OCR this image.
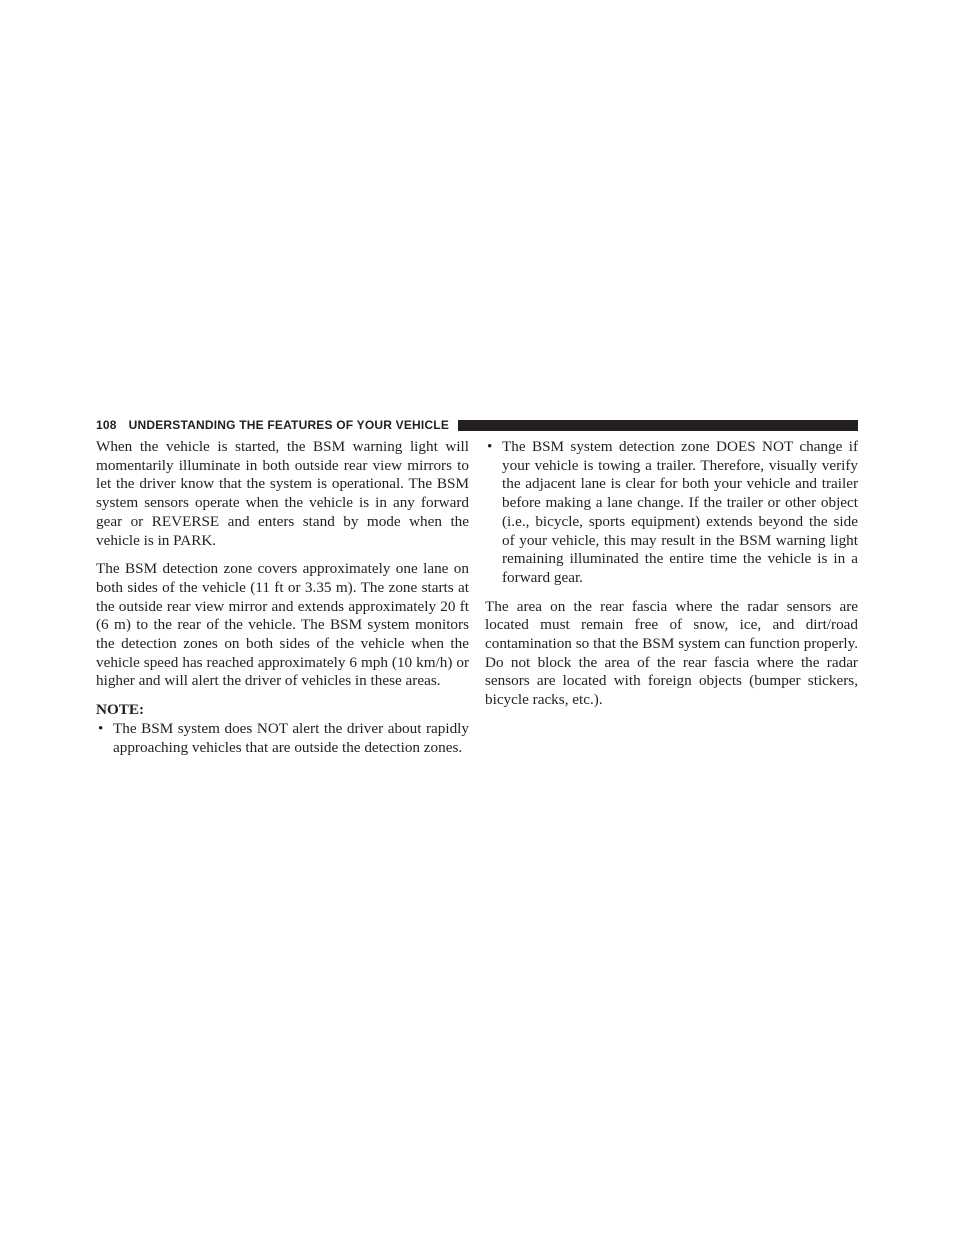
108 UNDERSTANDING THE FEATURES OF YOUR VEHICLE

When the vehicle is started, the BSM warning light will momentarily illuminate in both outside rear view mirrors to let the driver know that the system is operational. The BSM system sensors operate when the vehicle is in any forward gear or REVERSE and enters stand by mode when the vehicle is in PARK.

The BSM detection zone covers approximately one lane on both sides of the vehicle (11 ft or 3.35 m). The zone starts at the outside rear view mirror and extends approximately 20 ft (6 m) to the rear of the vehicle. The BSM system monitors the detection zones on both sides of the vehicle when the vehicle speed has reached approximately 6 mph (10 km/h) or higher and will alert the driver of vehicles in these areas.

NOTE:

• The BSM system does NOT alert the driver about rapidly approaching vehicles that are outside the detection zones.
• The BSM system detection zone DOES NOT change if your vehicle is towing a trailer. Therefore, visually verify the adjacent lane is clear for both your vehicle and trailer before making a lane change. If the trailer or other object (i.e., bicycle, sports equipment) extends beyond the side of your vehicle, this may result in the BSM warning light remaining illuminated the entire time the vehicle is in a forward gear.

The area on the rear fascia where the radar sensors are located must remain free of snow, ice, and dirt/road contamination so that the BSM system can function properly. Do not block the area of the rear fascia where the radar sensors are located with foreign objects (bumper stickers, bicycle racks, etc.).
